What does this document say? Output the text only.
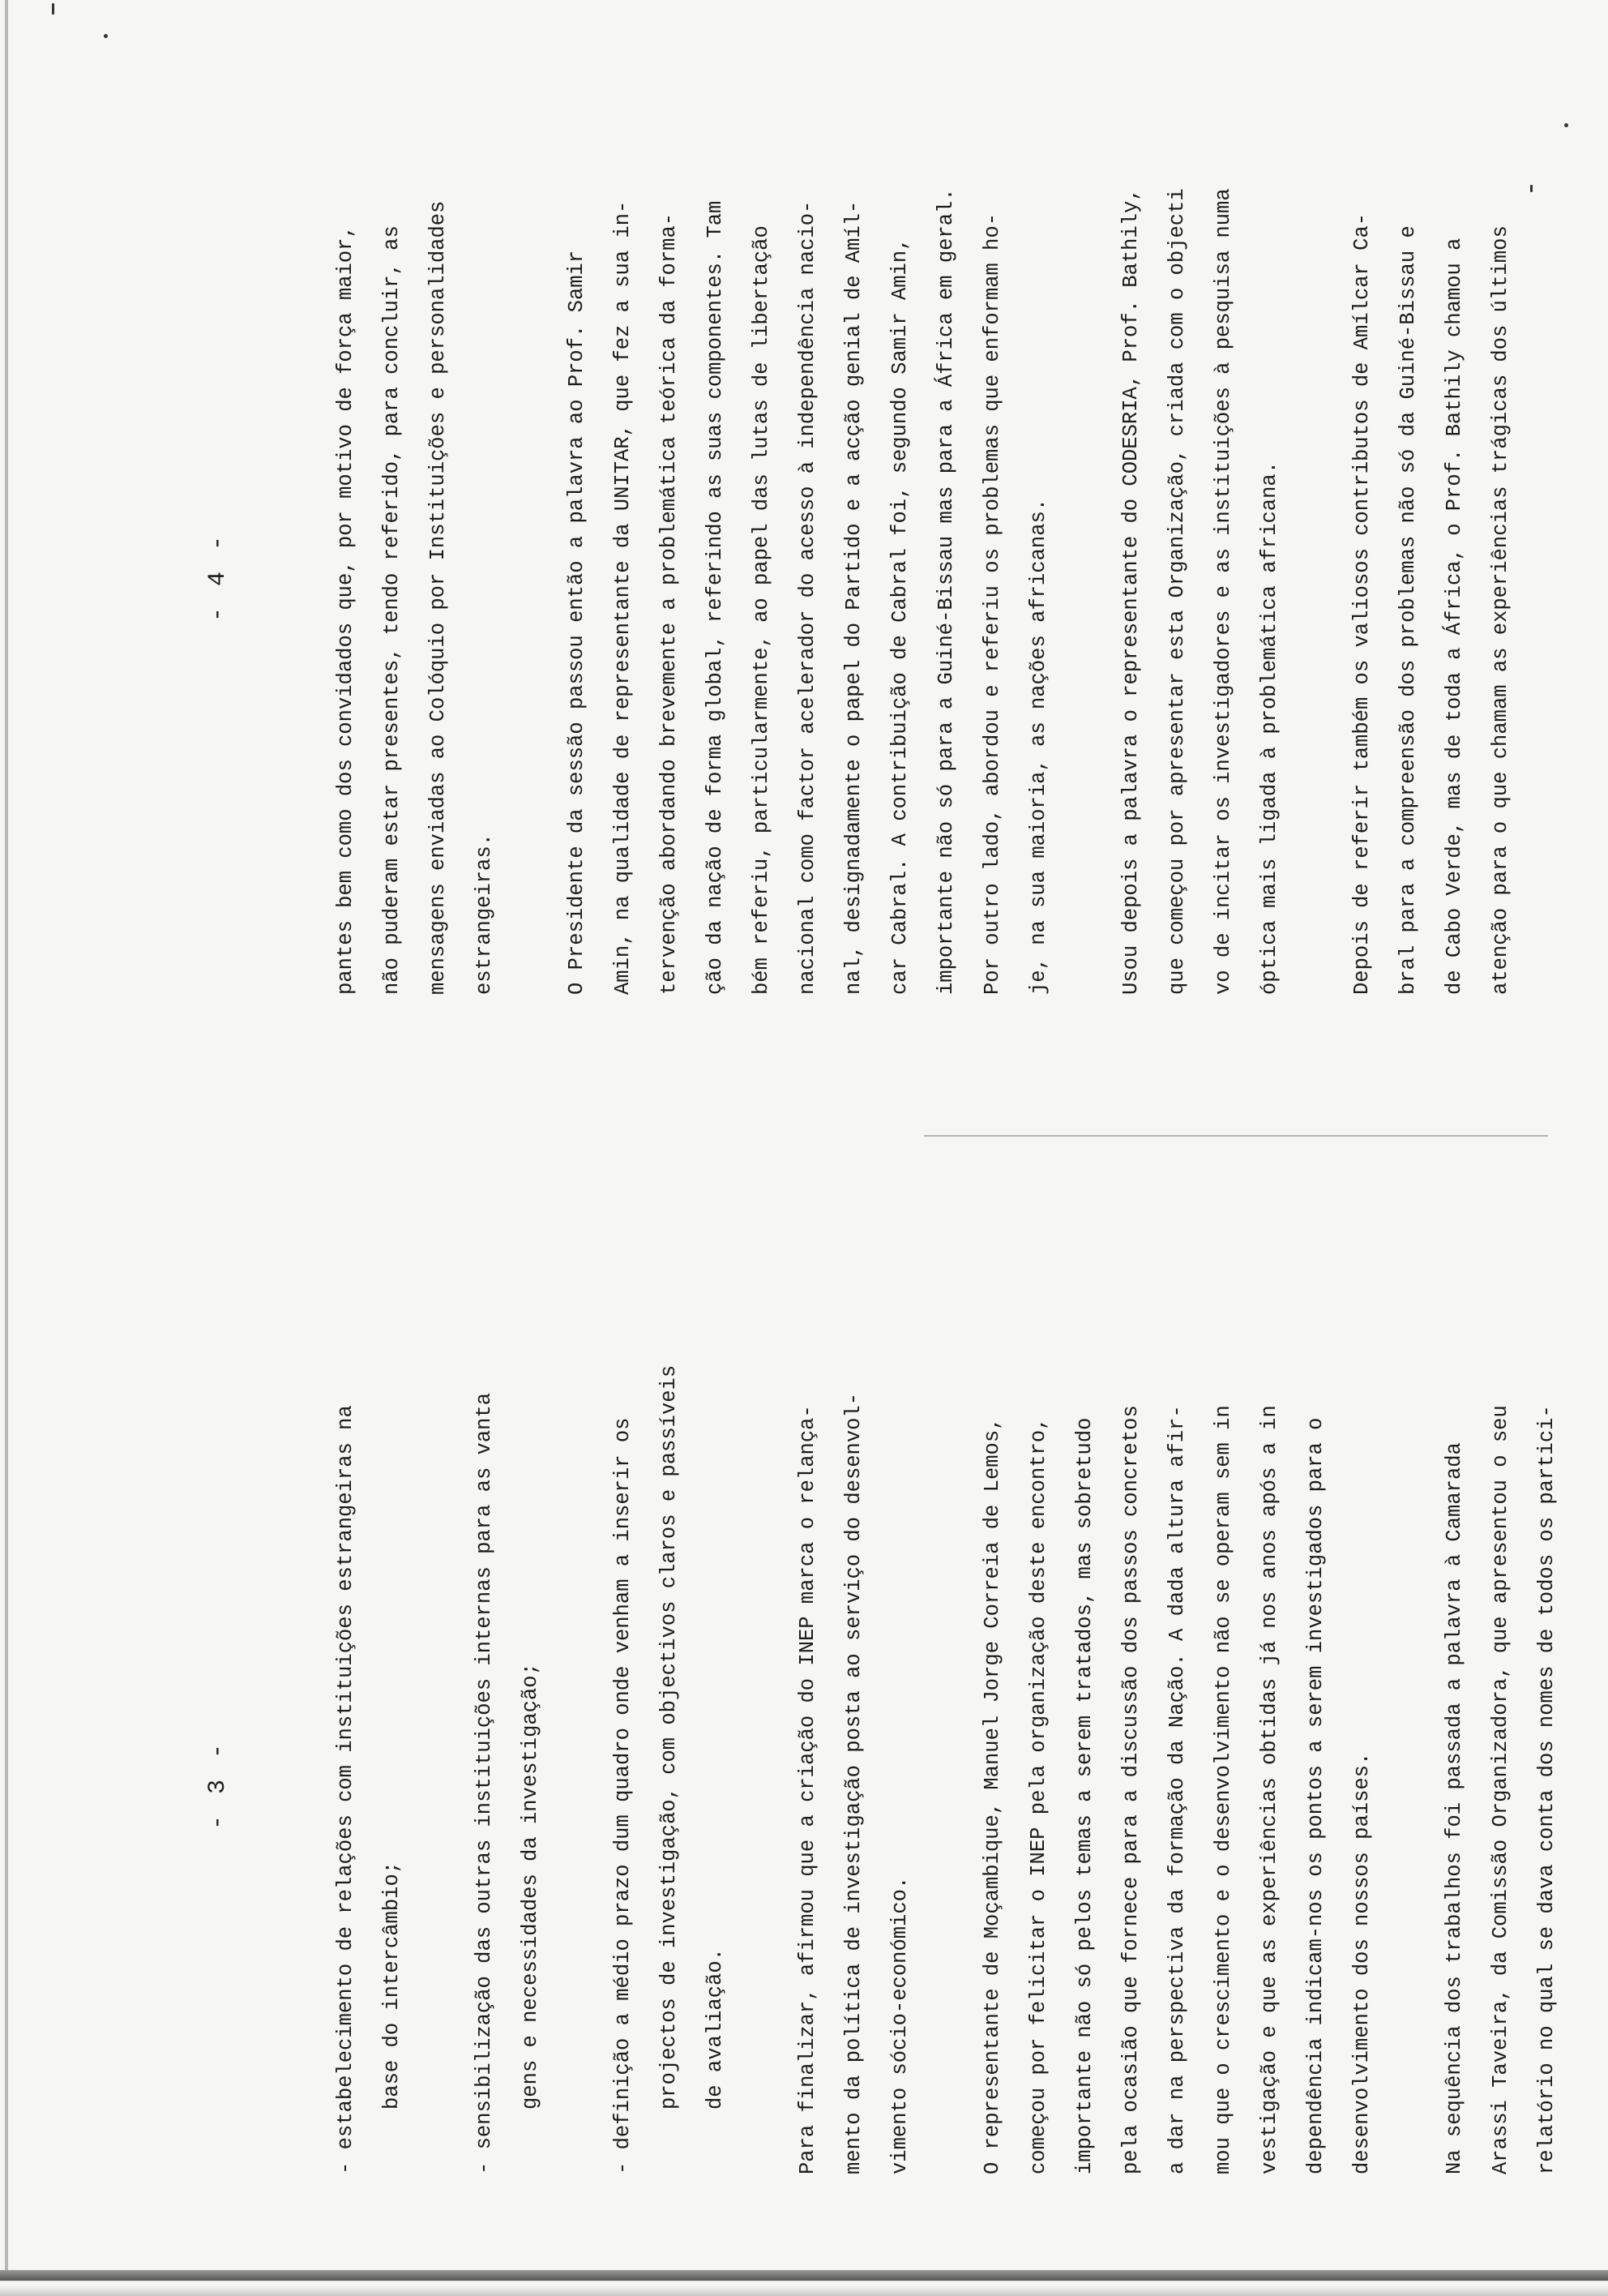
- 3 -	- estabelecimento de relações com instituições estrangeiras na	base do intercâmbio;	- sensibilização das outras instituições internas para as vanta	gens e necessidades da investigação;	- definição a médio prazo dum quadro onde venham a inserir os	projectos de investigação, com objectivos claros e passíveis	de avaliação.	Para finalizar, afirmou que a criação do INEP marca o relança-	mento da política de investigação posta ao serviço do desenvol-	vimento sócio-económico.	O representante de Moçambique, Manuel Jorge Correia de Lemos,	começou por felicitar o INEP pela organização deste encontro,	importante não só pelos temas a serem tratados, mas sobretudo	pela ocasião que fornece para a discussão dos passos concretos	a dar na perspectiva da formação da Nação. A dada altura afir-	mou que o crescimento e o desenvolvimento não se operam sem in	vestigação e que as experiências obtidas já nos anos após a in	dependência indicam-nos os pontos a serem investigados para o	desenvolvimento dos nossos países.	Na sequência dos trabalhos foi passada a palavra à Camarada	Arassi Taveira, da Comissão Organizadora, que apresentou o seu	relatório no qual se dava conta dos nomes de todos os partici-
- 4 -	pantes bem como dos convidados que, por motivo de força maior,	não puderam estar presentes, tendo referido, para concluir, as	mensagens enviadas ao Colóquio por Instituições e personalidades	estrangeiras.	O Presidente da sessão passou então a palavra ao Prof. Samir	Amin, na qualidade de representante da UNITAR, que fez a sua in-	tervenção abordando brevemente a problemática teórica da forma-	ção da nação de forma global, referindo as suas componentes. Tam	bém referiu, particularmente, ao papel das lutas de libertação	nacional como factor acelerador do acesso à independência nacio-	nal, designadamente o papel do Partido e a acção genial de Amíl-	car Cabral. A contribuição de Cabral foi, segundo Samir Amin,	importante não só para a Guiné-Bissau mas para a África em geral.	Por outro lado, abordou e referiu os problemas que enformam ho-	je, na sua maioria, as nações africanas.	Usou depois a palavra o representante do CODESRIA, Prof. Bathily,	que começou por apresentar esta Organização, criada com o objecti	vo de incitar os investigadores e as instituições à pesquisa numa	óptica mais ligada à problemática africana.	Depois de referir também os valiosos contributos de Amílcar Ca-	bral para a compreensão dos problemas não só da Guiné-Bissau e	de Cabo Verde, mas de toda a África, o Prof. Bathily chamou a	atenção para o que chamam as experiências trágicas dos últimos
